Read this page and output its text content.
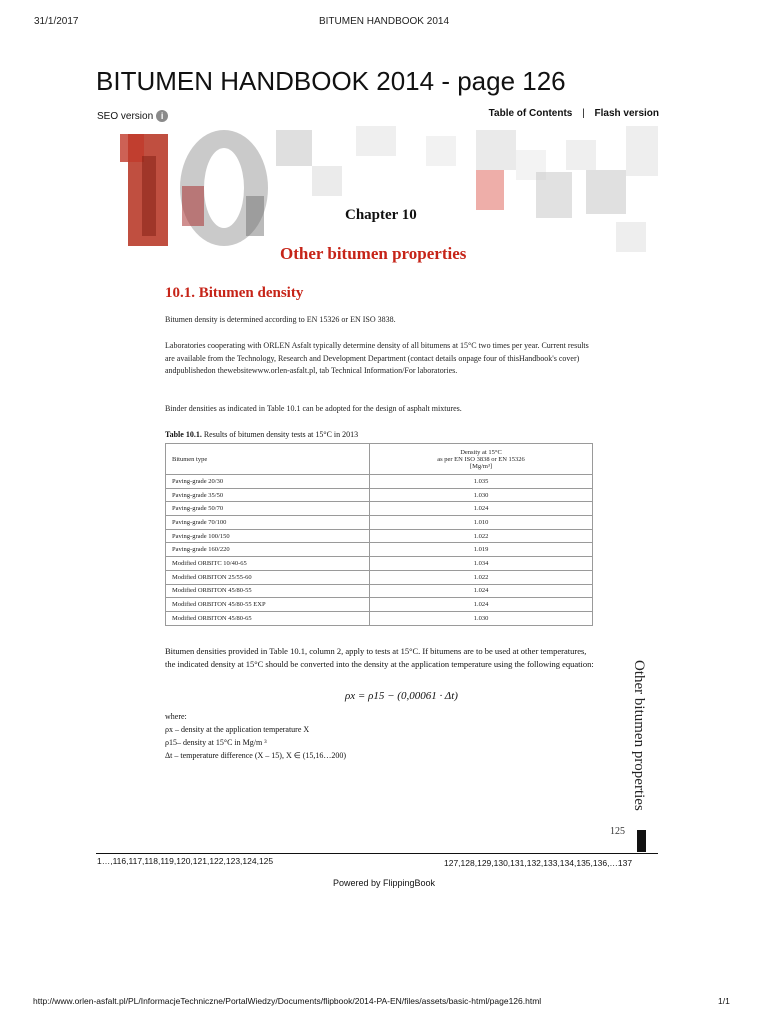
31/1/2017	BITUMEN HANDBOOK 2014
BITUMEN HANDBOOK 2014 - page 126
SEO version i	Table of Contents | Flash version
Chapter 10
Other bitumen properties
10.1. Bitumen density
Bitumen density is determined according to EN 15326 or EN ISO 3838.
Laboratories cooperating with ORLEN Asfalt typically determine density of all bitumens at 15°C two times per year. Current results are available from the Technology, Research and Development Department (contact details onpage four of thisHandbook's cover) andpublishedon thewebsitewww.orlen-asfalt.pl, tab Technical Information/For laboratories.
Binder densities as indicated in Table 10.1 can be adopted for the design of asphalt mixtures.
Table 10.1. Results of bitumen density tests at 15°C in 2013
Bitumen type	Density at 15°C
as per EN ISO 3838 or EN 15326
[Mg/m³]

Paving-grade 20/30	1.035
Paving-grade 35/50	1.030
Paving-grade 50/70	1.024
Paving-grade 70/100	1.010
Paving-grade 100/150	1.022
Paving-grade 160/220	1.019
Modified ORBITC 10/40-65	1.034
Modified ORBITON 25/55-60	1.022
Modified ORBITON 45/80-55	1.024
Modified ORBITON 45/80-55 EXP	1.024
Modified ORBITON 45/80-65	1.030
Bitumen densities provided in Table 10.1, column 2, apply to tests at 15°C. If bitumens are to be used at other temperatures, the indicated density at 15°C should be converted into the density at the application temperature using the following equation:
ρx = ρ15 − (0,00061 · Δt)
where:
ρx – density at the application temperature X
ρ15– density at 15°C in Mg/m ³
Δt – temperature difference (X – 15), X ∈ (15,16…200)	Other bitumen properties
125
1…,116,117,118,119,120,121,122,123,124,125	127,128,129,130,131,132,133,134,135,136,…137
Powered by FlippingBook
http://www.orlen-asfalt.pl/PL/InformacjeTechniczne/PortalWiedzy/Documents/flipbook/2014-PA-EN/files/assets/basic-html/page126.html	1/1
